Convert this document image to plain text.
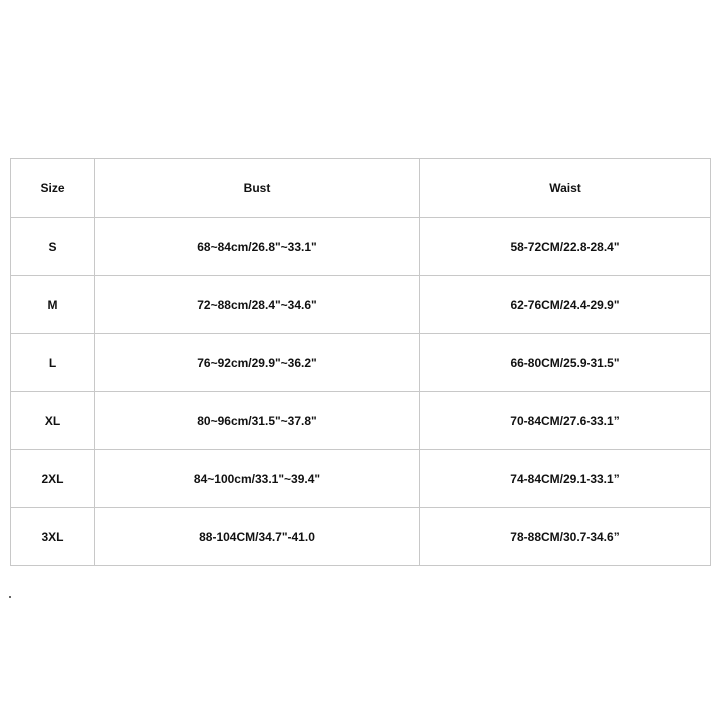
Size	Bust	Waist
S	68~84cm/26.8"~33.1"	58-72CM/22.8-28.4"
M	72~88cm/28.4"~34.6"	62-76CM/24.4-29.9"
L	76~92cm/29.9"~36.2"	66-80CM/25.9-31.5"
XL	80~96cm/31.5"~37.8"	70-84CM/27.6-33.1”
2XL	84~100cm/33.1"~39.4"	74-84CM/29.1-33.1”
3XL	88-104CM/34.7"-41.0	78-88CM/30.7-34.6”
